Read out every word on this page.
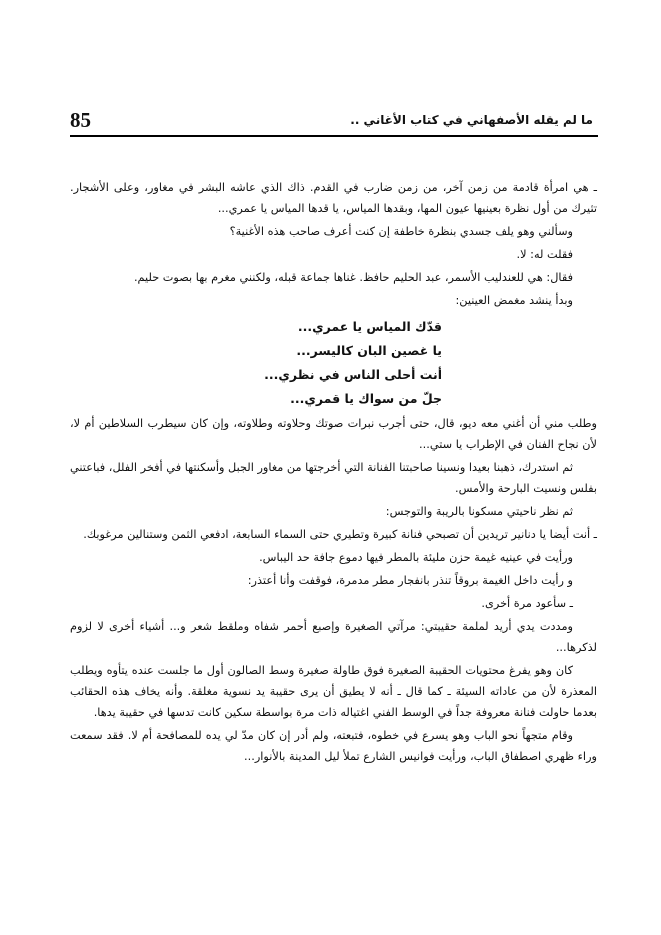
85	ما لم يقله الأصفهاني في كتاب الأغاني ..

ـ هي امرأة قادمة من زمن آخر، من زمن ضارب في القدم. ذاك الذي عاشه البشر في مغاور، وعلى الأشجار. تثيرك من أول نظرة بعينيها عيون المها، وبقدها المياس، يا قدها المياس يا عمري...

وسألني وهو يلف جسدي بنظرة خاطفة إن كنت أعرف صاحب هذه الأغنية؟

فقلت له: لا.

فقال: هي للعندليب الأسمر، عبد الحليم حافظ. غناها جماعة قبله، ولكنني مغرم بها بصوت حليم.

وبدأ ينشد مغمض العينين:

قدّك المياس يا عمري...
يا غصين البان كاليسر...
أنت أحلى الناس في نظري...
جلّ من سواك يا قمري...

وطلب مني أن أغني معه ديو، قال، حتى أجرب نبرات صوتك وحلاوته وطلاوته، وإن كان سيطرب السلاطين أم لا، لأن نجاح الفنان في الإطراب يا ستي...

ثم استدرك، ذهبنا بعيدا ونسينا صاحبتنا الفنانة التي أخرجتها من مغاور الجبل وأسكنتها في أفخر الفلل، فباعتني بفلس ونسيت البارحة والأمس.

ثم نظر ناحيتي مسكونا بالريبة والتوجس:

ـ أنت أيضا يا دنانير تريدين أن تصبحي فنانة كبيرة وتطيري حتى السماء السابعة، ادفعي الثمن وستنالين مرغوبك.

ورأيت في عينيه غيمة حزن مليئة بالمطر فيها دموع جافة حد اليباس.

و رأيت داخل الغيمة بروقاً تنذر بانفجار مطر مدمرة، فوقفت وأنا أعتذر:

ـ سأعود مرة أخرى.

ومددت يدي أريد لملمة حقيبتي: مرآتي الصغيرة وإصبع أحمر شفاه وملقط شعر و... أشياء أخرى لا لزوم لذكرها...

كان وهو يفرغ محتويات الحقيبة الصغيرة فوق طاولة صغيرة وسط الصالون أول ما جلست عنده يتأوه ويطلب المعذرة لأن من عاداته السيئة ـ كما قال ـ أنه لا يطيق أن يرى حقيبة يد نسوية مغلقة. وأنه يخاف هذه الحقائب بعدما حاولت فنانة معروفة جداً في الوسط الفني اغتياله ذات مرة بواسطة سكين كانت تدسها في حقيبة يدها.

وقام متجهاً نحو الباب وهو يسرع في خطوه، فتبعته، ولم أدر إن كان مدّ لي يده للمصافحة أم لا. فقد سمعت وراء ظهري اصطفاق الباب، ورأيت فوانيس الشارع تملأ ليل المدينة بالأنوار...
